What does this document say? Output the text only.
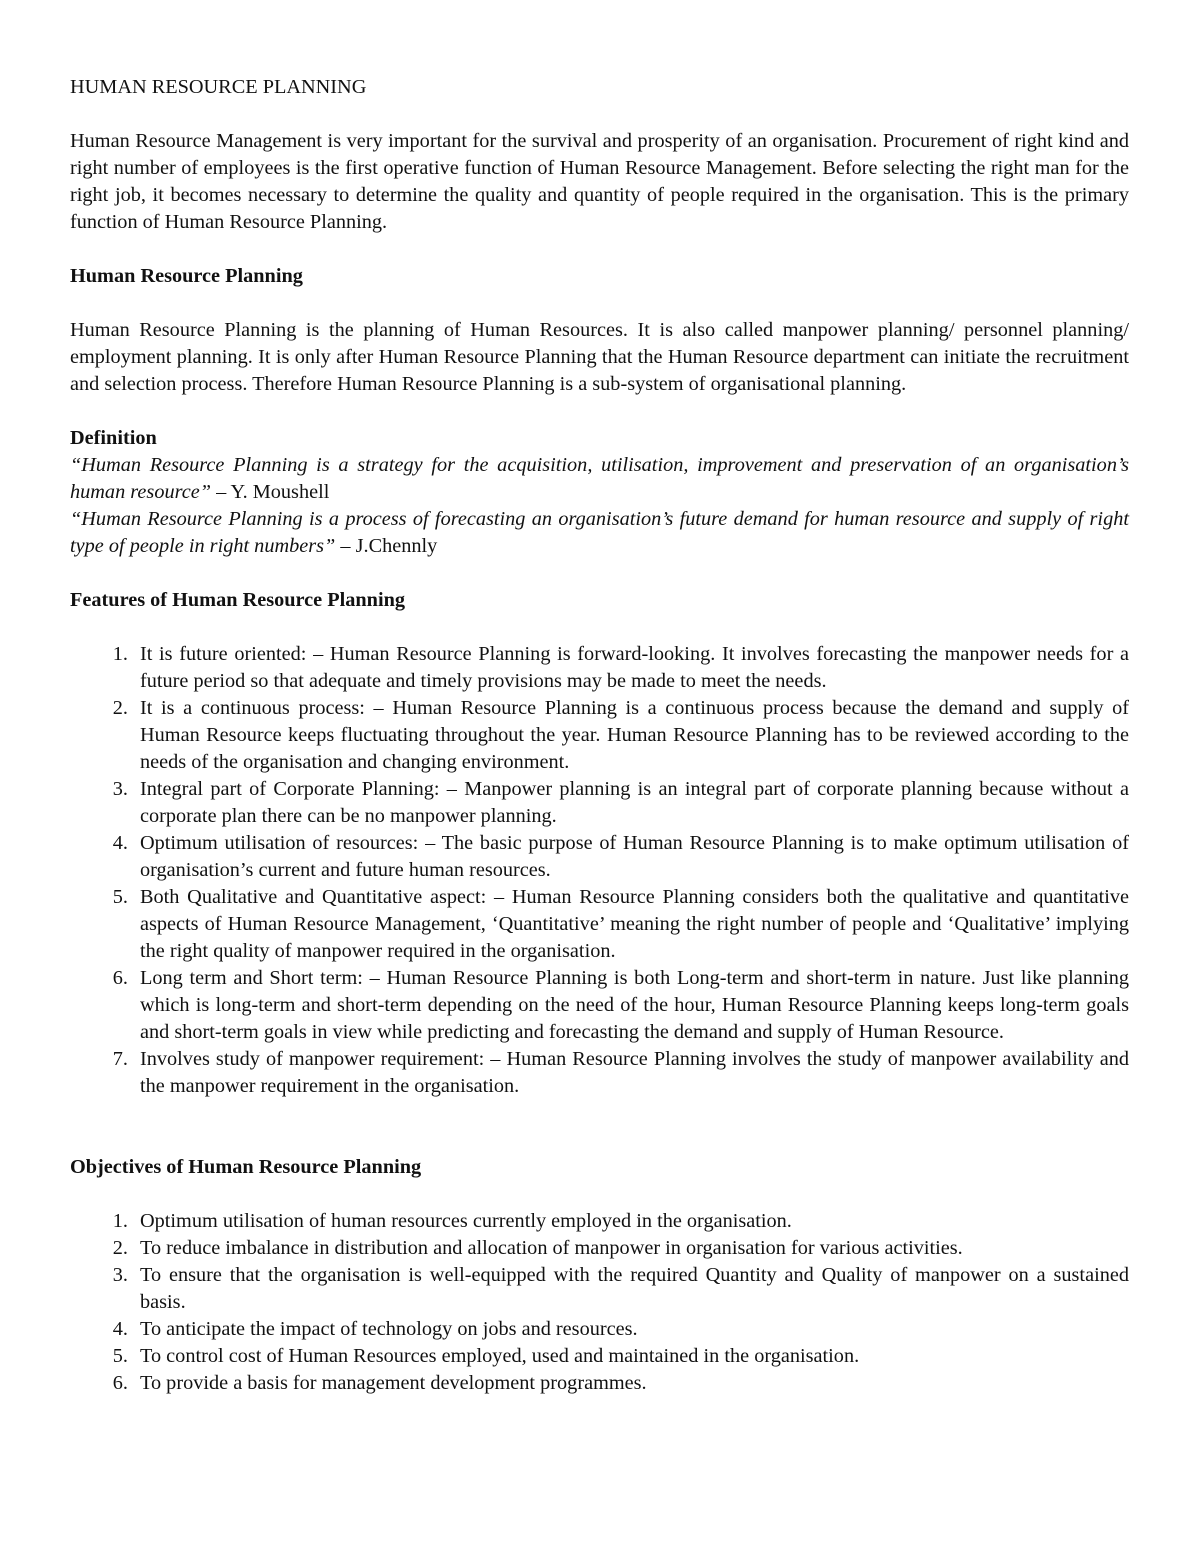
HUMAN RESOURCE PLANNING

Human Resource Management is very important for the survival and prosperity of an organisation. Procurement of right kind and right number of employees is the first operative function of Human Resource Management. Before selecting the right man for the right job, it becomes necessary to determine the quality and quantity of people required in the organisation. This is the primary function of Human Resource Planning.

Human Resource Planning

Human Resource Planning is the planning of Human Resources. It is also called manpower planning/ personnel planning/ employment planning. It is only after Human Resource Planning that the Human Resource department can initiate the recruitment and selection process. Therefore Human Resource Planning is a sub-system of organisational planning.

Definition

“Human Resource Planning is a strategy for the acquisition, utilisation, improvement and preservation of an organisation’s human resource” – Y. Moushell

“Human Resource Planning is a process of forecasting an organisation’s future demand for human resource and supply of right type of people in right numbers” – J.Chennly

Features of Human Resource Planning
1. It is future oriented: – Human Resource Planning is forward-looking. It involves forecasting the manpower needs for a future period so that adequate and timely provisions may be made to meet the needs.
2. It is a continuous process: – Human Resource Planning is a continuous process because the demand and supply of Human Resource keeps fluctuating throughout the year. Human Resource Planning has to be reviewed according to the needs of the organisation and changing environment.
3. Integral part of Corporate Planning: – Manpower planning is an integral part of corporate planning because without a corporate plan there can be no manpower planning.
4. Optimum utilisation of resources: – The basic purpose of Human Resource Planning is to make optimum utilisation of organisation’s current and future human resources.
5. Both Qualitative and Quantitative aspect: – Human Resource Planning considers both the qualitative and quantitative aspects of Human Resource Management, ‘Quantitative’ meaning the right number of people and ‘Qualitative’ implying the right quality of manpower required in the organisation.
6. Long term and Short term: – Human Resource Planning is both Long-term and short-term in nature. Just like planning which is long-term and short-term depending on the need of the hour, Human Resource Planning keeps long-term goals and short-term goals in view while predicting and forecasting the demand and supply of Human Resource.
7. Involves study of manpower requirement: – Human Resource Planning involves the study of manpower availability and the manpower requirement in the organisation.
Objectives of Human Resource Planning
1. Optimum utilisation of human resources currently employed in the organisation.
2. To reduce imbalance in distribution and allocation of manpower in organisation for various activities.
3. To ensure that the organisation is well-equipped with the required Quantity and Quality of manpower on a sustained basis.
4. To anticipate the impact of technology on jobs and resources.
5. To control cost of Human Resources employed, used and maintained in the organisation.
6. To provide a basis for management development programmes.
